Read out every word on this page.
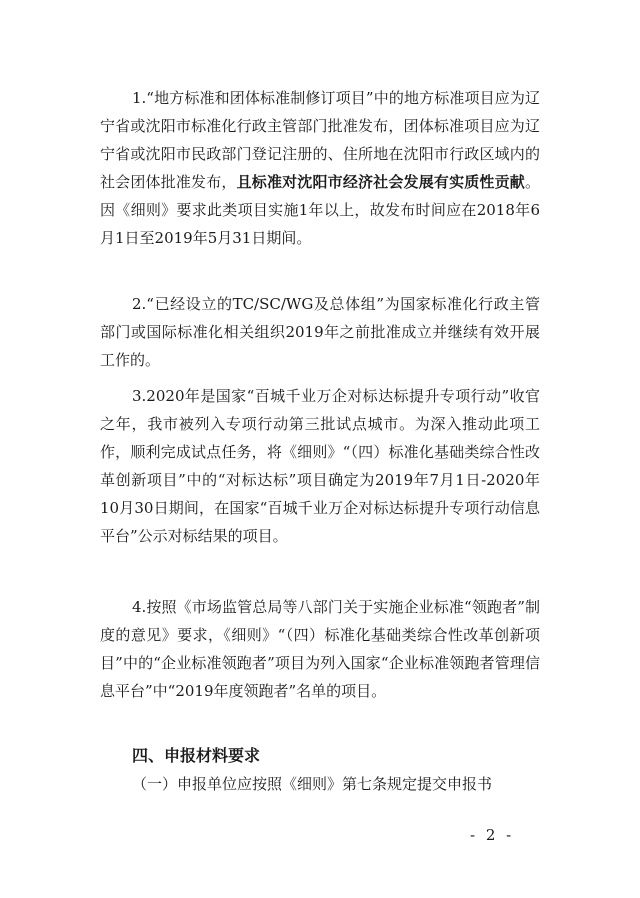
1.“地方标准和团体标准制修订项目”中的地方标准项目应为辽宁省或沈阳市标准化行政主管部门批准发布，团体标准项目应为辽宁省或沈阳市民政部门登记注册的、住所地在沈阳市行政区域内的社会团体批准发布，且标准对沈阳市经济社会发展有实质性贡献。因《细则》要求此类项目实施1年以上，故发布时间应在2018年6月1日至2019年5月31日期间。
2.“已经设立的TC/SC/WG及总体组”为国家标准化行政主管部门或国际标准化相关组织2019年之前批准成立并继续有效开展工作的。
3.2020年是国家“百城千业万企对标达标提升专项行动”收官之年，我市被列入专项行动第三批试点城市。为深入推动此项工作，顺利完成试点任务，将《细则》“（四）标准化基础类综合性改革创新项目”中的“对标达标”项目确定为2019年7月1日-2020年10月30日期间，在国家“百城千业万企对标达标提升专项行动信息平台”公示对标结果的项目。
4.按照《市场监管总局等八部门关于实施企业标准“领跑者”制度的意见》要求，《细则》“（四）标准化基础类综合性改革创新项目”中的“企业标准领跑者”项目为列入国家“企业标准领跑者管理信息平台”中“2019年度领跑者”名单的项目。
四、申报材料要求
（一）申报单位应按照《细则》第七条规定提交申报书
- 2 -
